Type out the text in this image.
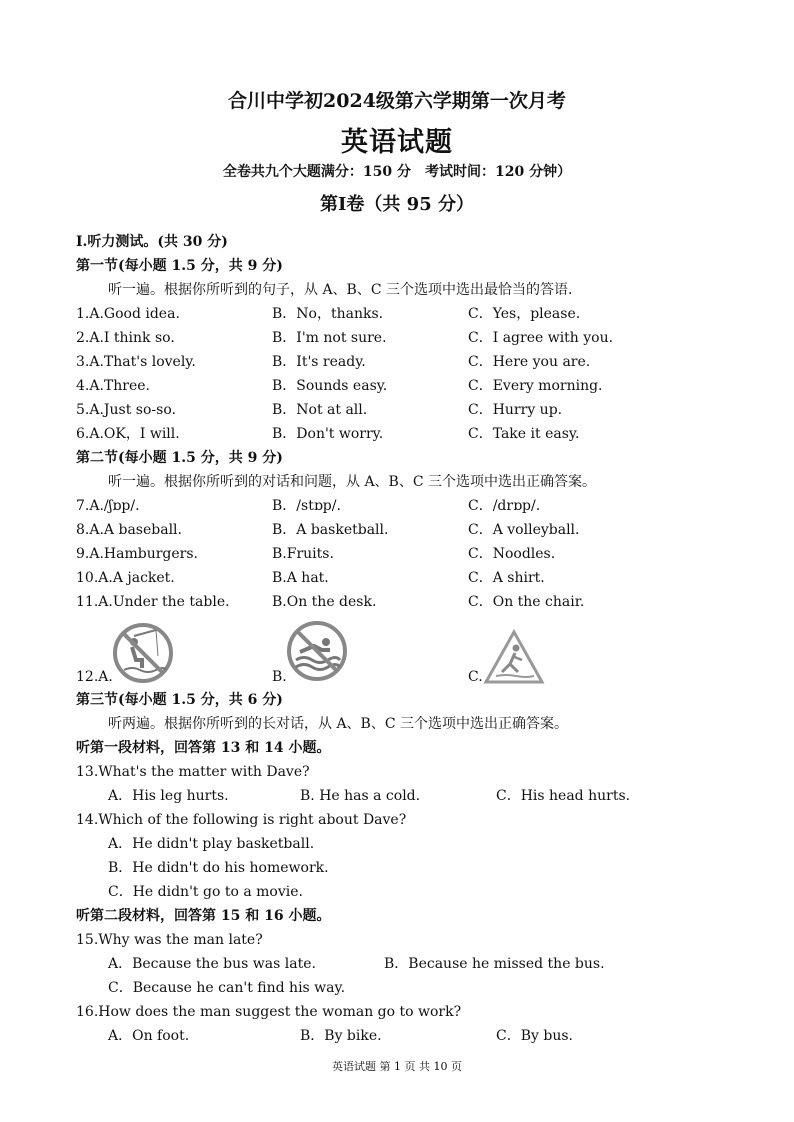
合川中学初2024级第六学期第一次月考
英语试题
全卷共九个大题满分：150 分　考试时间：120 分钟）
第Ⅰ卷（共 95 分）
Ⅰ.听力测试。(共 30 分)
第一节(每小题 1.5 分，共 9 分)
听一遍。根据你所听到的句子，从 A、B、C 三个选项中选出最恰当的答语.
1.A.Good idea.	B．No，thanks.	C．Yes，please.
2.A.I think so.	B．I'm not sure.	C．I agree with you.
3.A.That's lovely.	B．It's ready.	C．Here you are.
4.A.Three.	B．Sounds easy.	C．Every morning.
5.A.Just so-so.	B．Not at all.	C．Hurry up.
6.A.OK，I will.	B．Don't worry.	C．Take it easy.
第二节(每小题 1.5 分，共 9 分)
听一遍。根据你所听到的对话和问题，从 A、B、C 三个选项中选出正确答案。
7.A./ʃɒp/.	B．/stɒp/.	C．/drɒp/.
8.A.A baseball.	B．A basketball.	C．A volleyball.
9.A.Hamburgers.	B.Fruits.	C．Noodles.
10.A.A jacket.	B.A hat.	C．A shirt.
11.A.Under the table.	B.On the desk.	C．On the chair.
12.A.	B.	C.
第三节(每小题 1.5 分，共 6 分)
听两遍。根据你所听到的长对话，从 A、B、C 三个选项中选出正确答案。
听第一段材料，回答第 13 和 14 小题。
13.What's the matter with Dave?
A．His leg hurts.	B. He has a cold.	C．His head hurts.
14.Which of the following is right about Dave?
A．He didn't play basketball.
B．He didn't do his homework.
C．He didn't go to a movie.
听第二段材料，回答第 15 和 16 小题。
15.Why was the man late?
A．Because the bus was late.	B．Because he missed the bus.
C．Because he can't find his way.
16.How does the man suggest the woman go to work?
A．On foot.	B．By bike.	C．By bus.
英语试题 第 1 页 共 10 页
